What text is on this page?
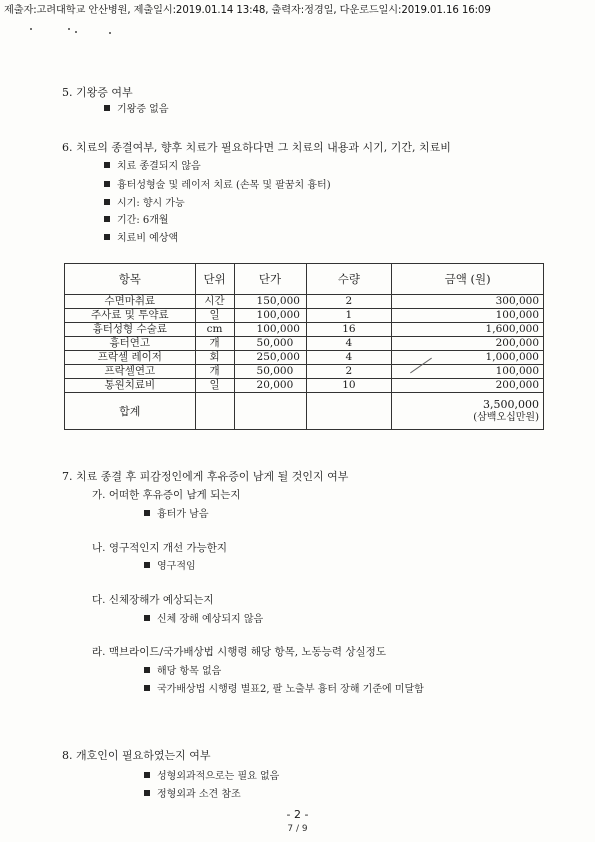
제출자:고려대학교 안산병원, 제출일시:2019.01.14 13:48, 출력자:정경일, 다운로드일시:2019.01.16 16:09
5. 기왕증 여부
기왕증 없음
6. 치료의 종결여부, 향후 치료가 필요하다면 그 치료의 내용과 시기, 기간, 치료비
치료 종결되지 않음
흉터성형술 및 레이저 치료 (손목 및 팔꿈치 흉터)
시기: 향시 가능
기간: 6개월
치료비 예상액
항목	단위	단가	수량	금액 (원)
수면마취료	시간	150,000	2	300,000
주사료 및 투약료	일	100,000	1	100,000
흉터성형 수술료	cm	100,000	16	1,600,000
흉터연고	개	50,000	4	200,000
프락셀 레이저	회	250,000	4	1,000,000
프락셀연고	개	50,000	2	100,000
통원치료비	일	20,000	10	200,000
합계				3,500,000
(삼백오십만원)
7. 치료 종결 후 피감정인에게 후유증이 남게 될 것인지 여부
가. 어떠한 후유증이 남게 되는지
흉터가 남음
나. 영구적인지 개선 가능한지
영구적임
다. 신체장해가 예상되는지
신체 장해 예상되지 않음
라. 맥브라이드/국가배상법 시행령 해당 항목, 노동능력 상실정도
해당 항목 없음
국가배상법 시행령 별표2, 팔 노출부 흉터 장해 기준에 미달함
8. 개호인이 필요하였는지 여부
성형외과적으로는 필요 없음
정형외과 소견 참조
- 2 -
7 / 9
